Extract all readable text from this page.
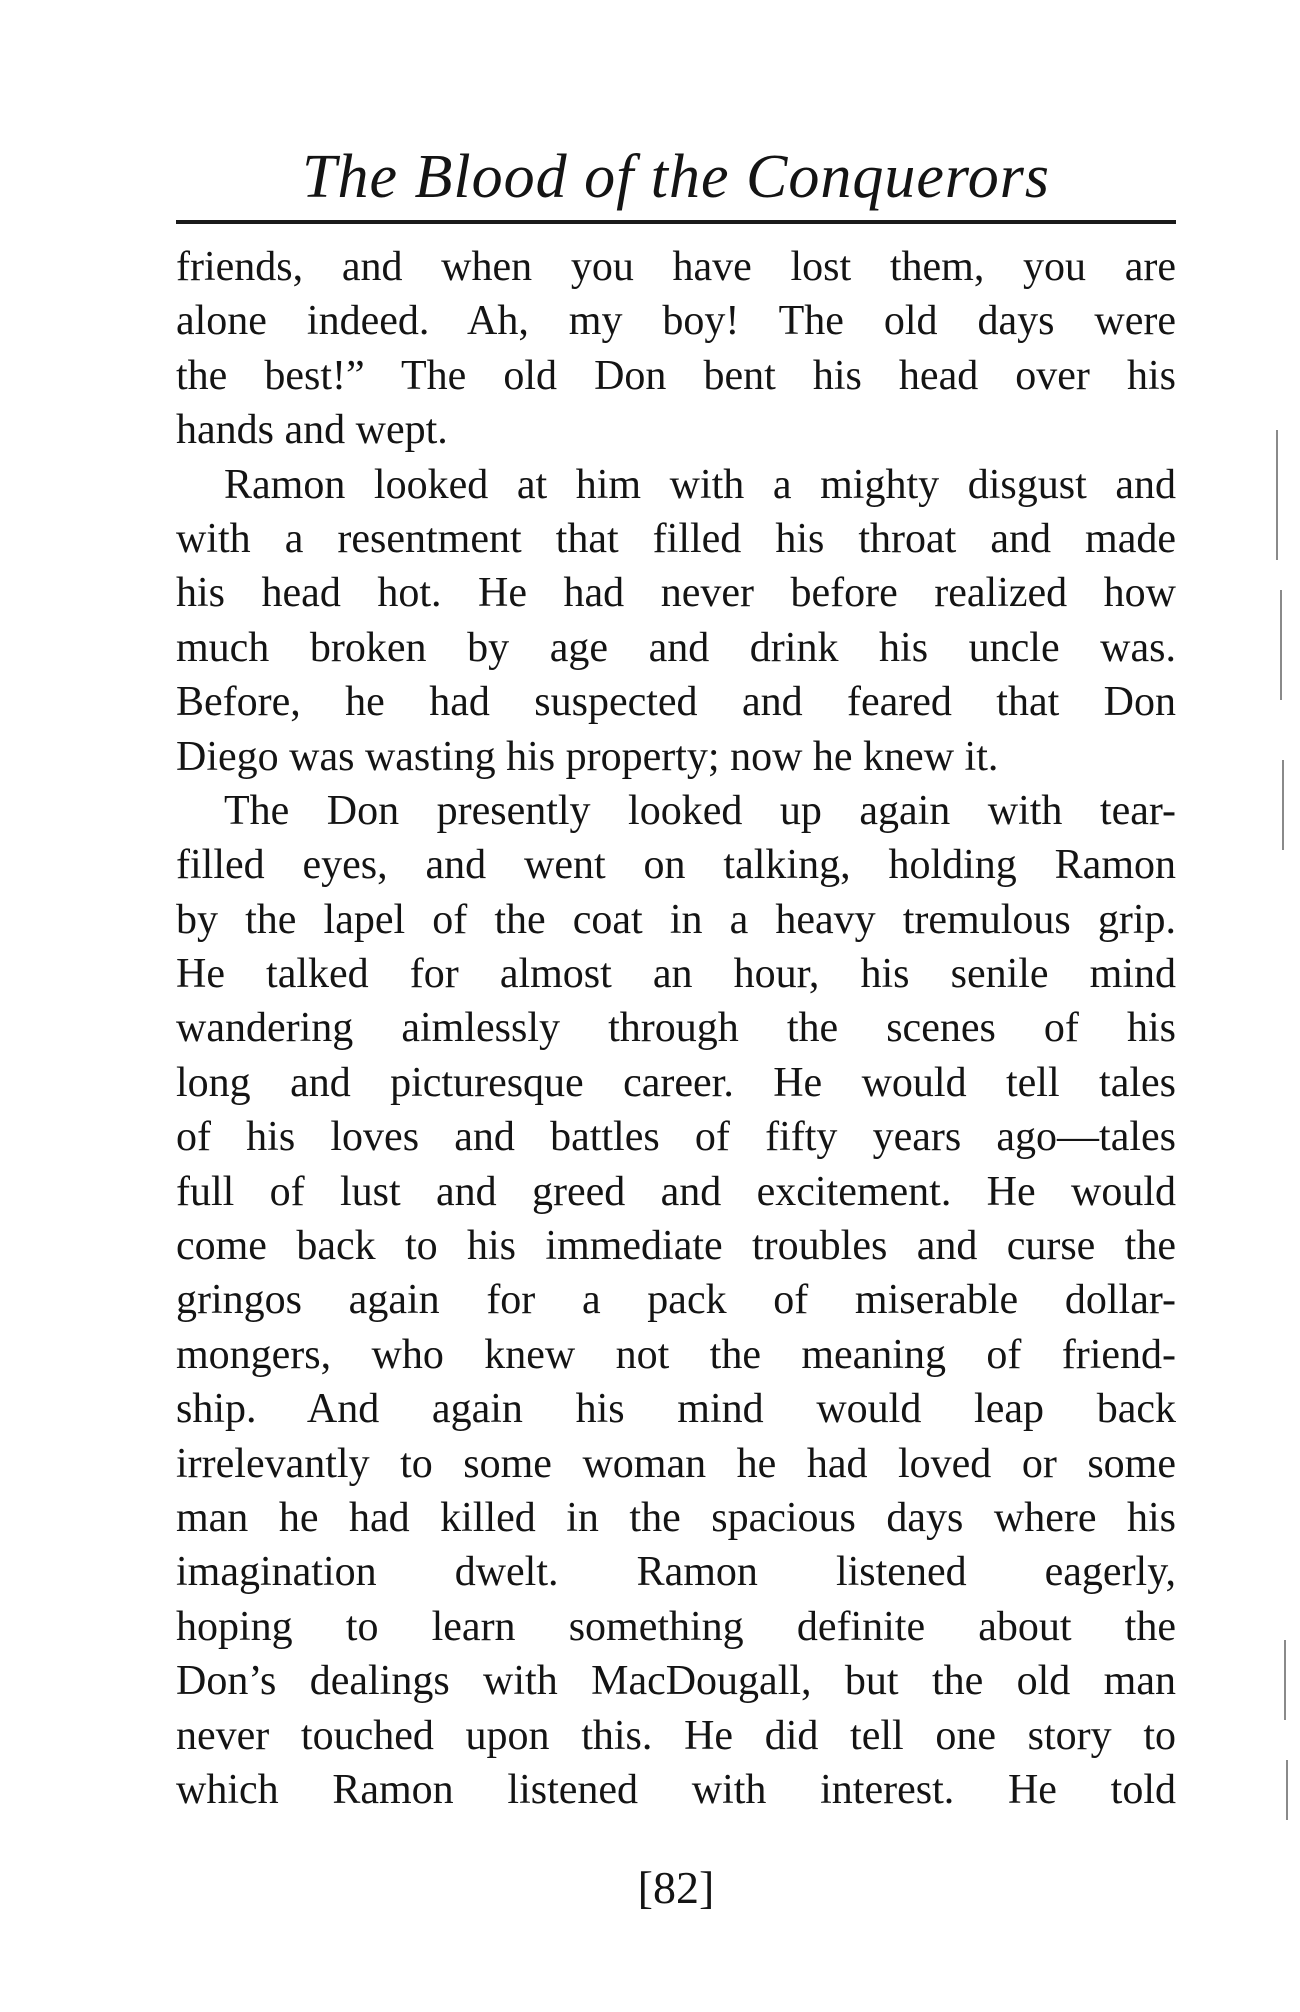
The Blood of the Conquerors
friends, and when you have lost them, you are
alone indeed. Ah, my boy! The old days were
the best!” The old Don bent his head over his
hands and wept.
Ramon looked at him with a mighty disgust and
with a resentment that filled his throat and made
his head hot. He had never before realized how
much broken by age and drink his uncle was.
Before, he had suspected and feared that Don
Diego was wasting his property; now he knew it.
The Don presently looked up again with tear-
filled eyes, and went on talking, holding Ramon
by the lapel of the coat in a heavy tremulous grip.
He talked for almost an hour, his senile mind
wandering aimlessly through the scenes of his
long and picturesque career. He would tell tales
of his loves and battles of fifty years ago—tales
full of lust and greed and excitement. He would
come back to his immediate troubles and curse the
gringos again for a pack of miserable dollar-
mongers, who knew not the meaning of friend-
ship. And again his mind would leap back
irrelevantly to some woman he had loved or some
man he had killed in the spacious days where his
imagination dwelt. Ramon listened eagerly,
hoping to learn something definite about the
Don’s dealings with MacDougall, but the old man
never touched upon this. He did tell one story to
which Ramon listened with interest. He told
[82]
